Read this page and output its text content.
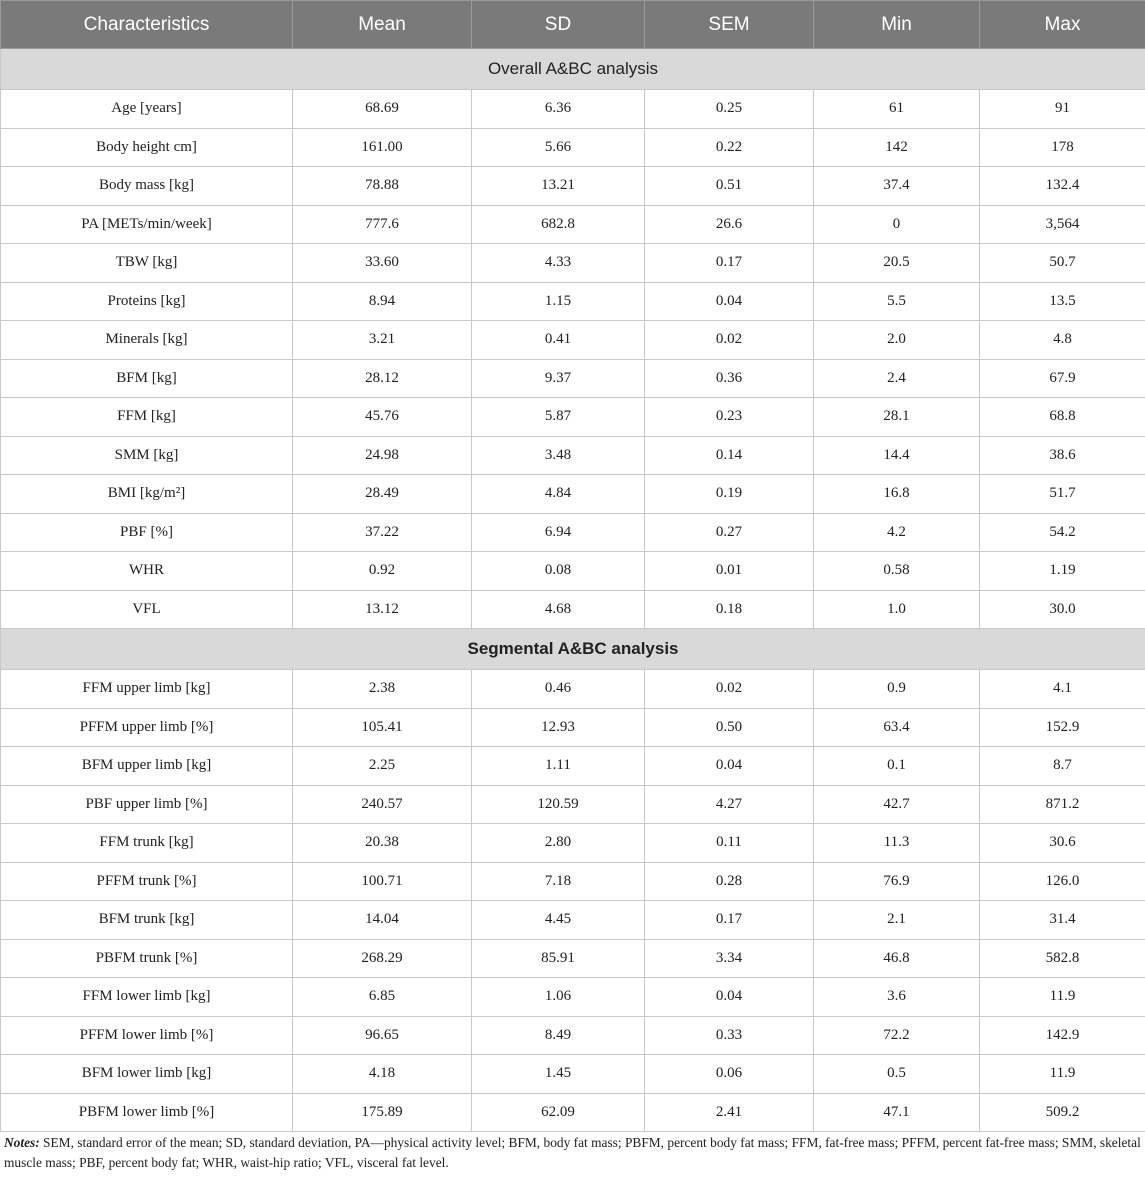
Characteristics	Mean	SD	SEM	Min	Max
Overall A&BC analysis					
Age [years]	68.69	6.36	0.25	61	91
Body height cm]	161.00	5.66	0.22	142	178
Body mass [kg]	78.88	13.21	0.51	37.4	132.4
PA [METs/min/week]	777.6	682.8	26.6	0	3,564
TBW [kg]	33.60	4.33	0.17	20.5	50.7
Proteins [kg]	8.94	1.15	0.04	5.5	13.5
Minerals [kg]	3.21	0.41	0.02	2.0	4.8
BFM [kg]	28.12	9.37	0.36	2.4	67.9
FFM [kg]	45.76	5.87	0.23	28.1	68.8
SMM [kg]	24.98	3.48	0.14	14.4	38.6
BMI [kg/m²]	28.49	4.84	0.19	16.8	51.7
PBF [%]	37.22	6.94	0.27	4.2	54.2
WHR	0.92	0.08	0.01	0.58	1.19
VFL	13.12	4.68	0.18	1.0	30.0
Segmental A&BC analysis					
FFM upper limb [kg]	2.38	0.46	0.02	0.9	4.1
PFFM upper limb [%]	105.41	12.93	0.50	63.4	152.9
BFM upper limb [kg]	2.25	1.11	0.04	0.1	8.7
PBF upper limb [%]	240.57	120.59	4.27	42.7	871.2
FFM trunk [kg]	20.38	2.80	0.11	11.3	30.6
PFFM trunk [%]	100.71	7.18	0.28	76.9	126.0
BFM trunk [kg]	14.04	4.45	0.17	2.1	31.4
PBFM trunk [%]	268.29	85.91	3.34	46.8	582.8
FFM lower limb [kg]	6.85	1.06	0.04	3.6	11.9
PFFM lower limb [%]	96.65	8.49	0.33	72.2	142.9
BFM lower limb [kg]	4.18	1.45	0.06	0.5	11.9
PBFM lower limb [%]	175.89	62.09	2.41	47.1	509.2
Notes: SEM, standard error of the mean; SD, standard deviation, PA—physical activity level; BFM, body fat mass; PBFM, percent body fat mass; FFM, fat-free mass; PFFM, percent fat-free mass; SMM, skeletal muscle mass; PBF, percent body fat; WHR, waist-hip ratio; VFL, visceral fat level.
